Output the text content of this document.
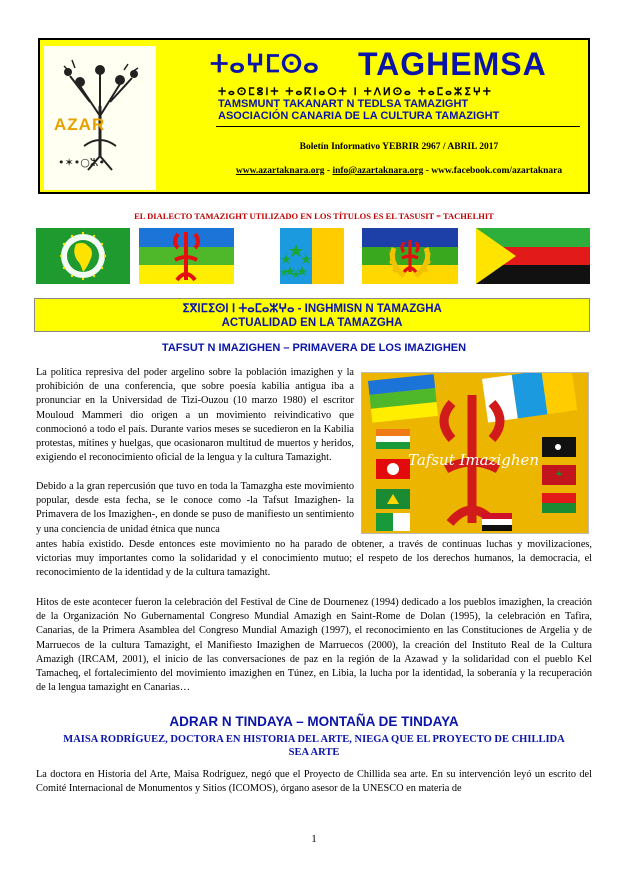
•✶•○ⵣ•
AZAR
ⵜⴰⵖⵎⵙⴰ TAGHEMSA
ⵜⴰⵙⵎⵓⵏⵜ ⵜⴰⴽⵏⴰⵔⵜ ⵏ ⵜⴷⵍⵙⴰ ⵜⴰⵎⴰⵣⵉⵖⵜ
TAMSMUNT TAKANART N TEDLSA TAMAZIGHT
ASOCIACIÓN CANARIA DE LA CULTURA TAMAZIGHT
Boletín Informativo YEBRIR 2967 / ABRIL 2017
www.azartaknara.org - info@azartaknara.org - www.facebook.com/azartaknara
EL DIALECTO TAMAZIGHT UTILIZADO EN LOS TÍTULOS ES EL TASUSIT = TACHELHIT
ⵉⴳⵏⵎⵉⵙⵏ ⵏ ⵜⴰⵎⴰⵣⵖⴰ - INGHMISN N TAMAZGHA
ACTUALIDAD EN LA TAMAZGHA
TAFSUT N IMAZIGHEN – PRIMAVERA DE LOS IMAZIGHEN
La política represiva del poder argelino sobre la población imazighen y la prohibición de una conferencia, que sobre poesía kabilia antigua iba a pronunciar en la Universidad de Tizi-Ouzou (10 marzo 1980) el escritor Mouloud Mammeri dio origen a un movimiento reivindicativo que conmocionó a todo el país. Durante varios meses se sucedieron en la Kabilia protestas, mítines y huelgas, que ocasionaron multitud de muertos y heridos, exigiendo el reconocimiento oficial de la lengua y la cultura Tamazight.	Tafsut Imazighen
Debido a la gran repercusión que tuvo en toda la Tamazgha este movimiento popular, desde esta fecha, se le conoce como -la Tafsut Imazighen- la Primavera de los Imazighen-, en donde se puso de manifiesto un sentimiento y una conciencia de unidad étnica que nunca
antes había existido. Desde entonces este movimiento no ha parado de obtener, a través de continuas luchas y movilizaciones, victorias muy importantes como la solidaridad y el conocimiento mutuo; el respeto de los derechos humanos, la democracia, el reconocimiento de la identidad y de la cultura tamazight.
Hitos de este acontecer fueron la celebración del Festival de Cine de Dournenez (1994) dedicado a los pueblos imazighen, la creación de la Organización No Gubernamental Congreso Mundial Amazigh en Saint-Rome de Dolan (1995), la celebración en Tafira, Canarias, de la Primera Asamblea del Congreso Mundial Amazigh (1997), el reconocimiento en las Constituciones de Argelia y de Marruecos de la cultura Tamazight, el Manifiesto Imazighen de Marruecos (2000), la creación del Instituto Real de la Cultura Amazigh (IRCAM, 2001), el inicio de las conversaciones de paz en la región de la Azawad y la solidaridad con el pueblo Kel Tamacheq, el fortalecimiento del movimiento imazighen en Túnez, en Libia, la lucha por la identidad, la soberanía y la recuperación de la lengua tamazight en Canarias…
ADRAR N TINDAYA – MONTAÑA DE TINDAYA
MAISA RODRÍGUEZ, DOCTORA EN HISTORIA DEL ARTE, NIEGA QUE EL PROYECTO DE CHILLIDA SEA ARTE
La doctora en Historia del Arte, Maisa Rodríguez, negó que el Proyecto de Chillida sea arte. En su intervención leyó un escrito del Comité Internacional de Monumentos y Sitios (ICOMOS), órgano asesor de la UNESCO en materia de
1
